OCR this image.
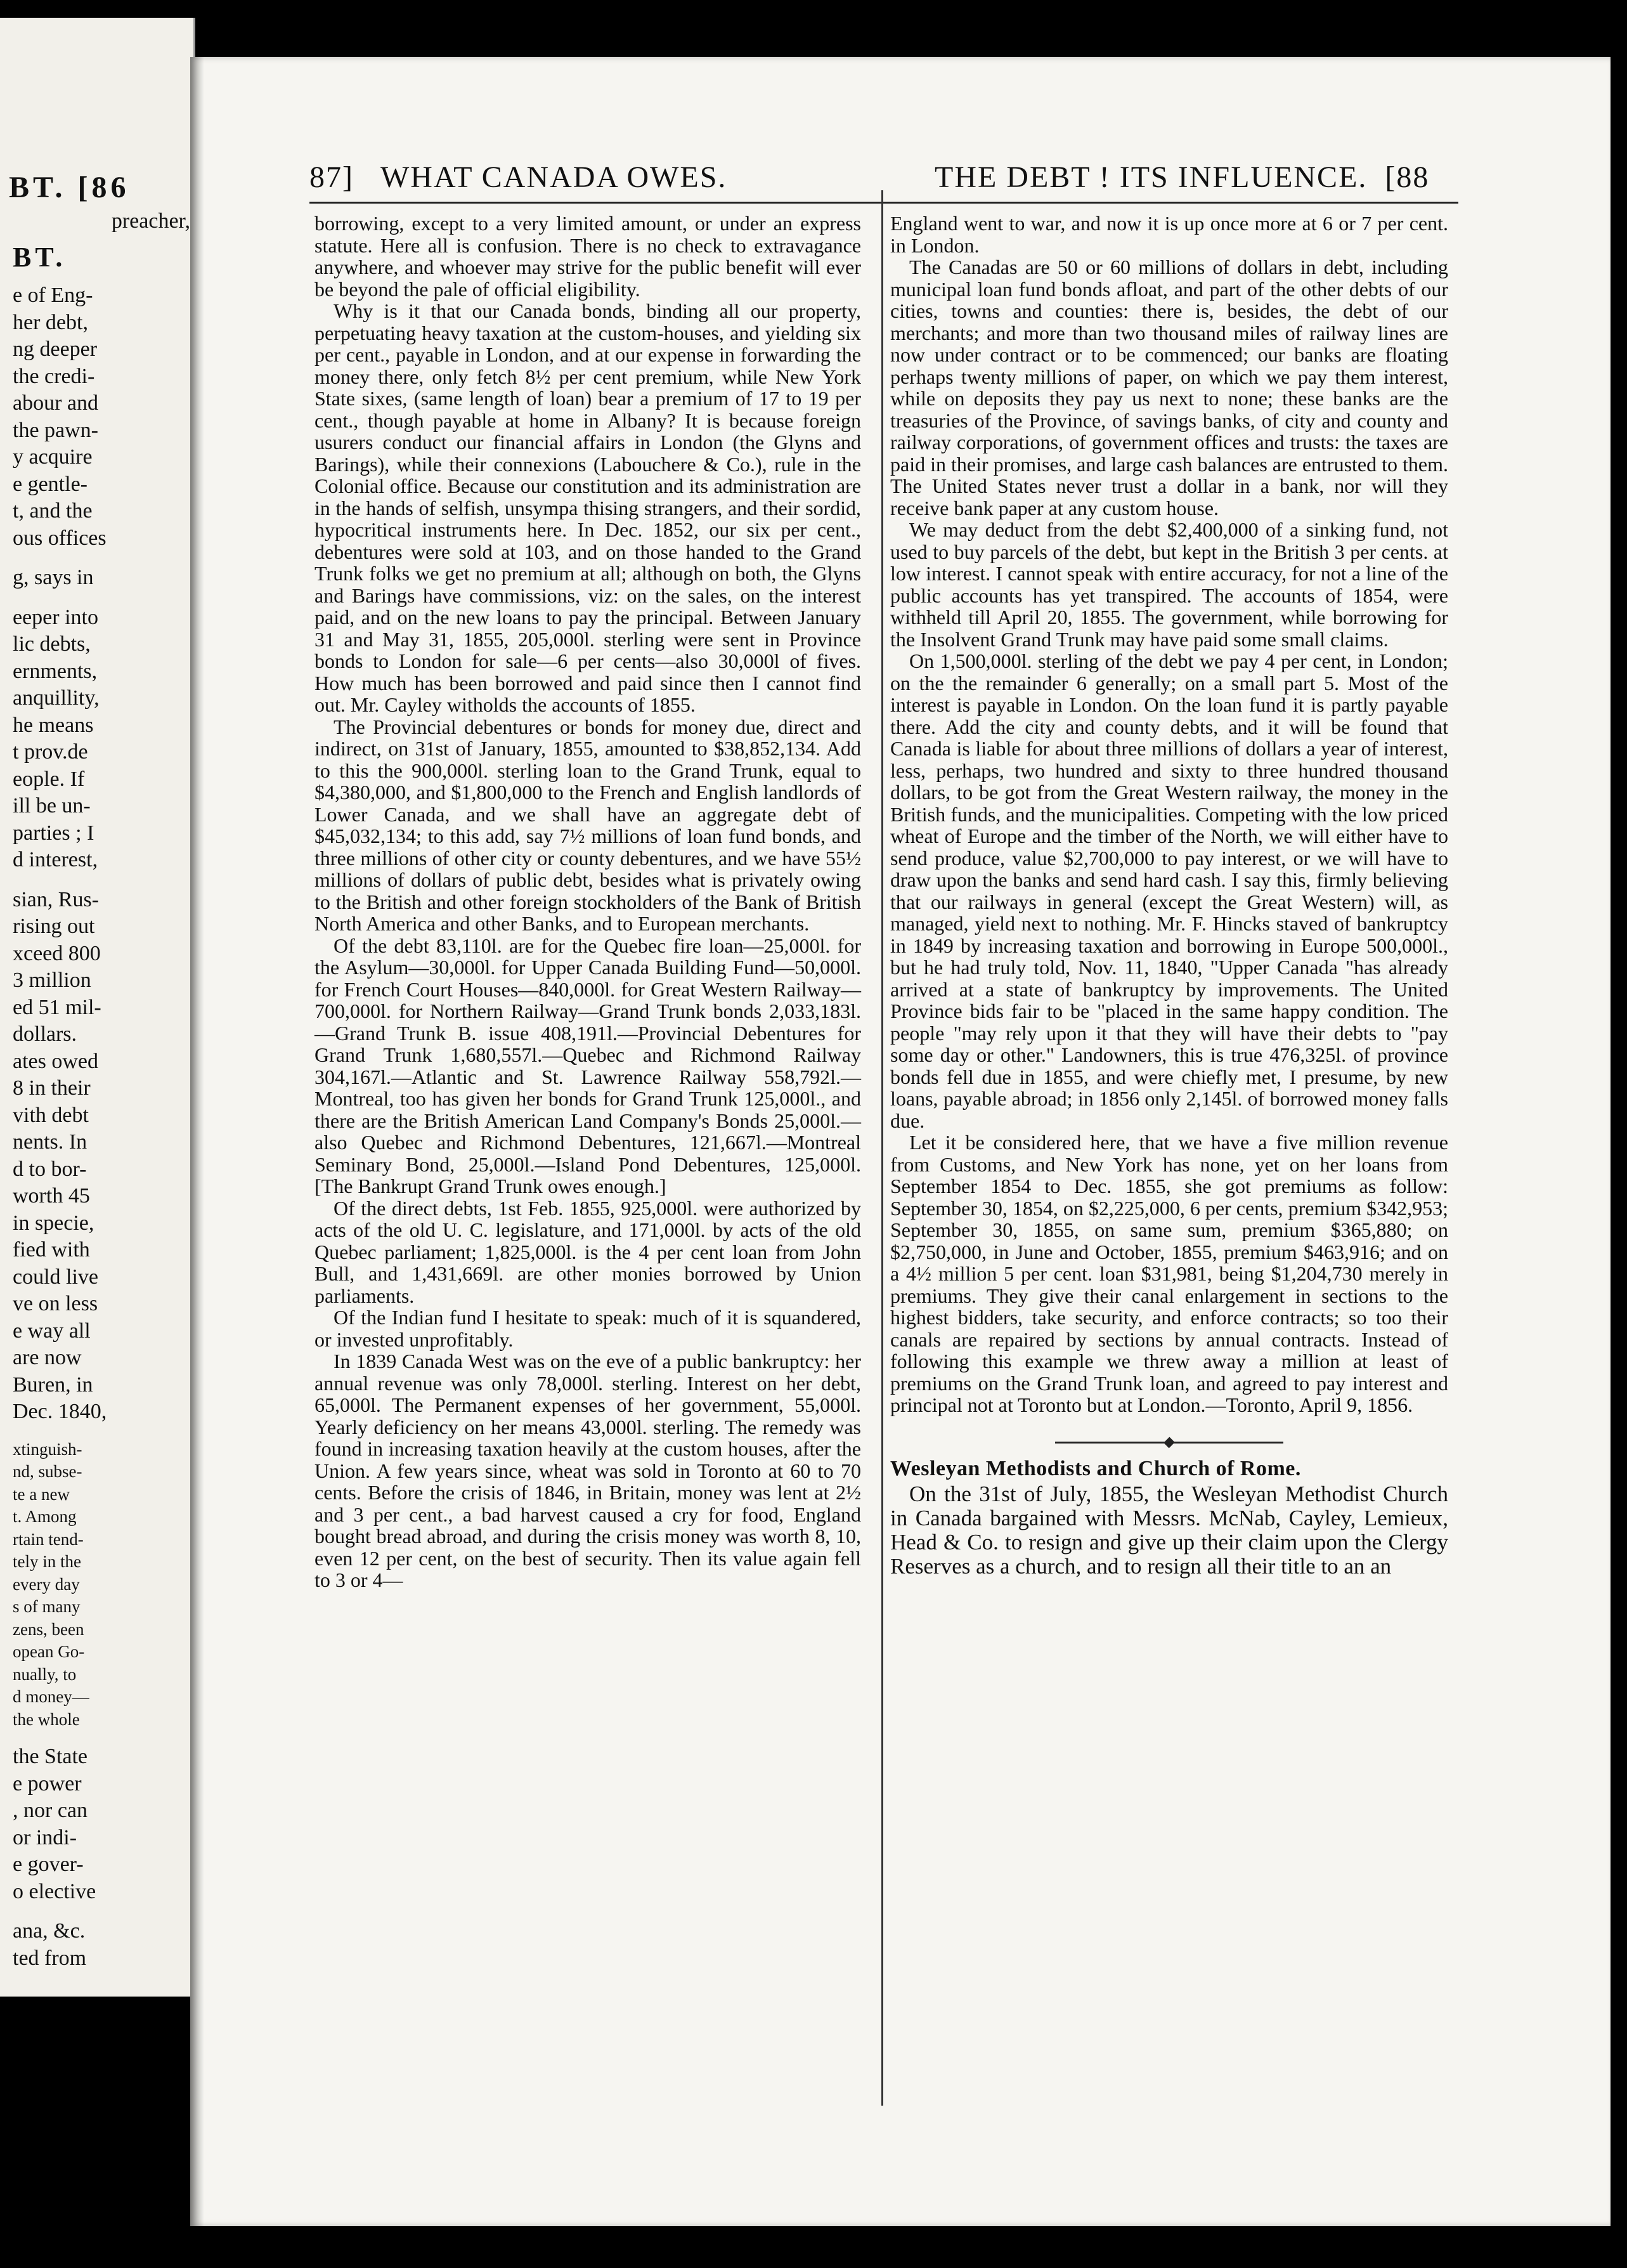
BT. [86
preacher,
BT.
e of Eng-
her debt,
ng deeper
the credi-
abour and
the pawn-
y acquire
e gentle-
t, and the
ous offices
g, says in
eeper into
lic debts,
ernments,
anquillity,
he means
t prov.de
eople. If
ill be un-
parties ; I
d interest,
sian, Rus-
rising out
xceed 800
3 million
ed 51 mil-
dollars.
ates owed
8 in their
vith debt
nents. In
d to bor-
worth 45
in specie,
fied with
could live
ve on less
e way all
are now
Buren, in
Dec. 1840,
xtinguish-
nd, subse-
te a new
t. Among
rtain tend-
tely in the
every day
s of many
zens, been
opean Go-
nually, to
d money—
the whole
the State
e power
, nor can
or indi-
e gover-
o elective
ana, &c.
ted from
87] WHAT CANADA OWES.	THE DEBT ! ITS INFLUENCE. [88

borrowing, except to a very limited amount, or under an express statute. Here all is confusion. There is no check to extravagance anywhere, and whoever may strive for the public benefit will ever be beyond the pale of official eligibility.

Why is it that our Canada bonds, binding all our property, perpetuating heavy taxation at the custom-houses, and yielding six per cent., payable in London, and at our expense in forwarding the money there, only fetch 8½ per cent premium, while New York State sixes, (same length of loan) bear a premium of 17 to 19 per cent., though payable at home in Albany? It is because foreign usurers conduct our financial affairs in London (the Glyns and Barings), while their connexions (Labouchere & Co.), rule in the Colonial office. Because our constitution and its administration are in the hands of selfish, unsympa thising strangers, and their sordid, hypocritical instruments here. In Dec. 1852, our six per cent., debentures were sold at 103, and on those handed to the Grand Trunk folks we get no premium at all; although on both, the Glyns and Barings have commissions, viz: on the sales, on the interest paid, and on the new loans to pay the principal. Between January 31 and May 31, 1855, 205,000l. sterling were sent in Province bonds to London for sale—6 per cents—also 30,000l of fives. How much has been borrowed and paid since then I cannot find out. Mr. Cayley witholds the accounts of 1855.

The Provincial debentures or bonds for money due, direct and indirect, on 31st of January, 1855, amounted to $38,852,134. Add to this the 900,000l. sterling loan to the Grand Trunk, equal to $4,380,000, and $1,800,000 to the French and English landlords of Lower Canada, and we shall have an aggregate debt of $45,032,134; to this add, say 7½ millions of loan fund bonds, and three millions of other city or county debentures, and we have 55½ millions of dollars of public debt, besides what is privately owing to the British and other foreign stockholders of the Bank of British North America and other Banks, and to European merchants.

Of the debt 83,110l. are for the Quebec fire loan—25,000l. for the Asylum—30,000l. for Upper Canada Building Fund—50,000l. for French Court Houses—840,000l. for Great Western Railway—700,000l. for Northern Railway—Grand Trunk bonds 2,033,183l.—Grand Trunk B. issue 408,191l.—Provincial Debentures for Grand Trunk 1,680,557l.—Quebec and Richmond Railway 304,167l.—Atlantic and St. Lawrence Railway 558,792l.—Montreal, too has given her bonds for Grand Trunk 125,000l., and there are the British American Land Company's Bonds 25,000l.—also Quebec and Richmond Debentures, 121,667l.—Montreal Seminary Bond, 25,000l.—Island Pond Debentures, 125,000l. [The Bankrupt Grand Trunk owes enough.]

Of the direct debts, 1st Feb. 1855, 925,000l. were authorized by acts of the old U. C. legislature, and 171,000l. by acts of the old Quebec parliament; 1,825,000l. is the 4 per cent loan from John Bull, and 1,431,669l. are other monies borrowed by Union parliaments.

Of the Indian fund I hesitate to speak: much of it is squandered, or invested unprofitably.

In 1839 Canada West was on the eve of a public bankruptcy: her annual revenue was only 78,000l. sterling. Interest on her debt, 65,000l. The Permanent expenses of her government, 55,000l. Yearly deficiency on her means 43,000l. sterling. The remedy was found in increasing taxation heavily at the custom houses, after the Union. A few years since, wheat was sold in Toronto at 60 to 70 cents. Before the crisis of 1846, in Britain, money was lent at 2½ and 3 per cent., a bad harvest caused a cry for food, England bought bread abroad, and during the crisis money was worth 8, 10, even 12 per cent, on the best of security. Then its value again fell to 3 or 4—

England went to war, and now it is up once more at 6 or 7 per cent. in London.

The Canadas are 50 or 60 millions of dollars in debt, including municipal loan fund bonds afloat, and part of the other debts of our cities, towns and counties: there is, besides, the debt of our merchants; and more than two thousand miles of railway lines are now under contract or to be commenced; our banks are floating perhaps twenty millions of paper, on which we pay them interest, while on deposits they pay us next to none; these banks are the treasuries of the Province, of savings banks, of city and county and railway corporations, of government offices and trusts: the taxes are paid in their promises, and large cash balances are entrusted to them. The United States never trust a dollar in a bank, nor will they receive bank paper at any custom house.

We may deduct from the debt $2,400,000 of a sinking fund, not used to buy parcels of the debt, but kept in the British 3 per cents. at low interest. I cannot speak with entire accuracy, for not a line of the public accounts has yet transpired. The accounts of 1854, were withheld till April 20, 1855. The government, while borrowing for the Insolvent Grand Trunk may have paid some small claims.

On 1,500,000l. sterling of the debt we pay 4 per cent, in London; on the the remainder 6 generally; on a small part 5. Most of the interest is payable in London. On the loan fund it is partly payable there. Add the city and county debts, and it will be found that Canada is liable for about three millions of dollars a year of interest, less, perhaps, two hundred and sixty to three hundred thousand dollars, to be got from the Great Western railway, the money in the British funds, and the municipalities. Competing with the low priced wheat of Europe and the timber of the North, we will either have to send produce, value $2,700,000 to pay interest, or we will have to draw upon the banks and send hard cash. I say this, firmly believing that our railways in general (except the Great Western) will, as managed, yield next to nothing. Mr. F. Hincks staved of bankruptcy in 1849 by increasing taxation and borrowing in Europe 500,000l., but he had truly told, Nov. 11, 1840, "Upper Canada "has already arrived at a state of bankruptcy by improvements. The United Province bids fair to be "placed in the same happy condition. The people "may rely upon it that they will have their debts to "pay some day or other." Landowners, this is true 476,325l. of province bonds fell due in 1855, and were chiefly met, I presume, by new loans, payable abroad; in 1856 only 2,145l. of borrowed money falls due.

Let it be considered here, that we have a five million revenue from Customs, and New York has none, yet on her loans from September 1854 to Dec. 1855, she got premiums as follow: September 30, 1854, on $2,225,000, 6 per cents, premium $342,953; September 30, 1855, on same sum, premium $365,880; on $2,750,000, in June and October, 1855, premium $463,916; and on a 4½ million 5 per cent. loan $31,981, being $1,204,730 merely in premiums. They give their canal enlargement in sections to the highest bidders, take security, and enforce contracts; so too their canals are repaired by sections by annual contracts. Instead of following this example we threw away a million at least of premiums on the Grand Trunk loan, and agreed to pay interest and principal not at Toronto but at London.—Toronto, April 9, 1856.

Wesleyan Methodists and Church of Rome.

On the 31st of July, 1855, the Wesleyan Methodist Church in Canada bargained with Messrs. McNab, Cayley, Lemieux, Head & Co. to resign and give up their claim upon the Clergy Reserves as a church, and to resign all their title to an an
